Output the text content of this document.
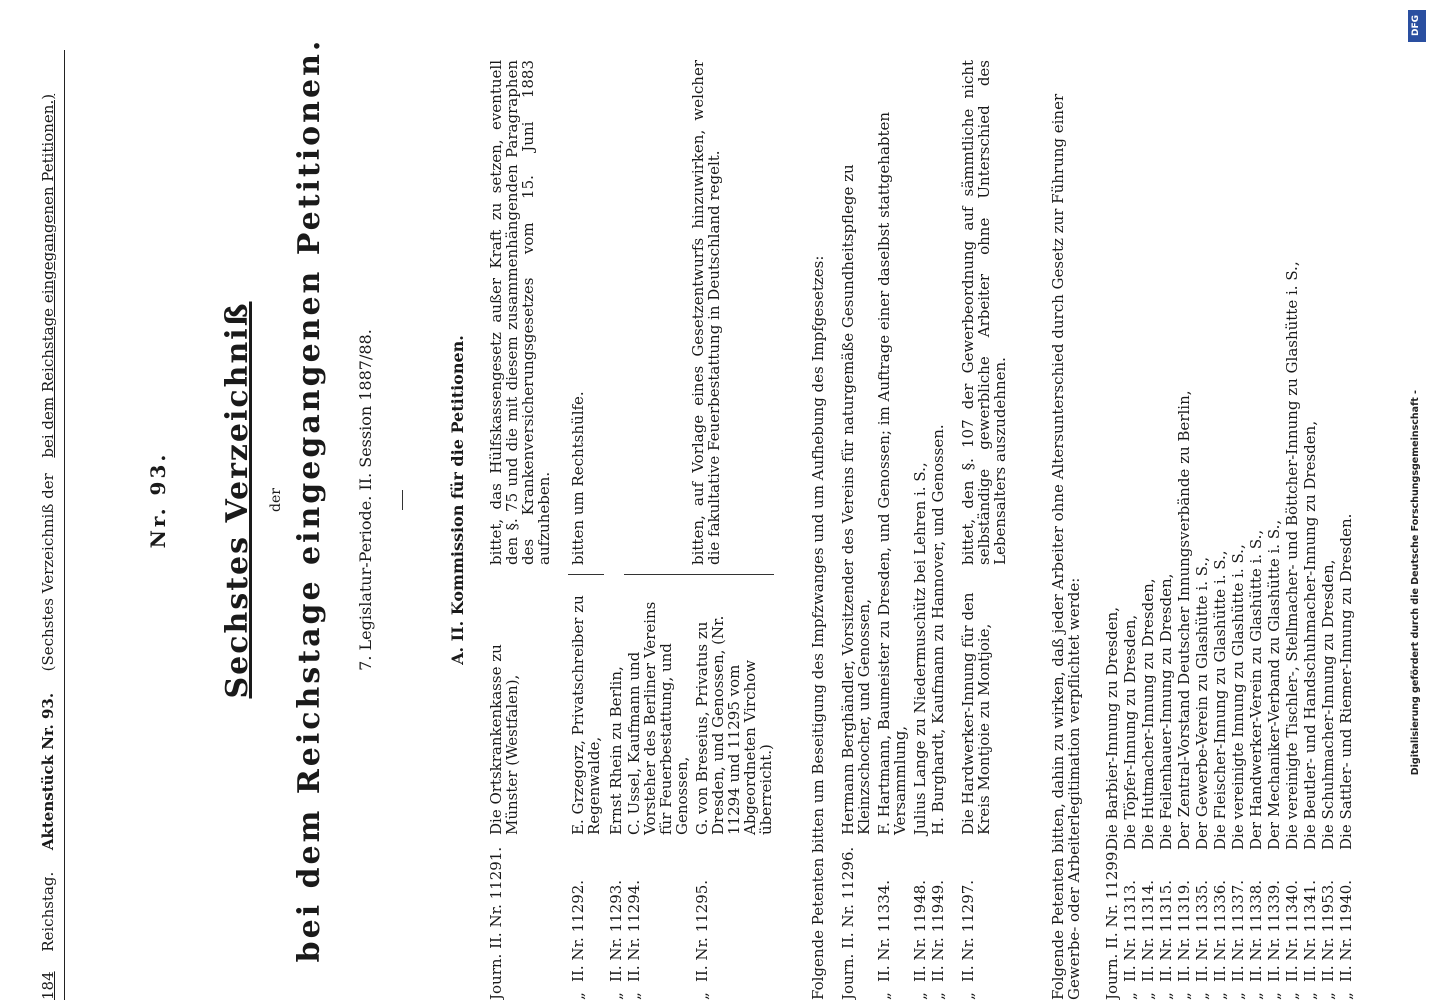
184  Reichstag.  Aktenstück Nr. 93.  (Sechstes Verzeichniß der  bei dem Reichstage eingegangenen Petitionen.)
Nr. 93. Sechstes Verzeichniß der bei dem Reichstage eingegangenen Petitionen. 7. Legislatur-Periode. II. Session 1887/88.	A. II. Kommission für die Petitionen.
Journ. II. Nr. 11291.
Die Ortskrankenkasse zu Münster (Westfalen),
bittet, das Hülfskassengesetz außer Kraft zu setzen, eventuell den §. 75 und die mit diesem zusammenhängenden Paragraphen des Krankenversicherungsgesetzes vom 15. Juni 1883 aufzuheben.
„II. Nr. 11292.
E. Grzegorz, Privatschreiber zu Regenwalde,
bitten um Rechtshülfe.
„II. Nr. 11293.
Ernst Rhein zu Berlin,
„II. Nr. 11294.
C. Ussel, Kaufmann und Vorsteher des Berliner Vereins für Feuerbestattung, und Genossen,
bitten, auf Vorlage eines Gesetzentwurfs hinzuwirken, welcher die fakultative Feuerbestattung in Deutschland regelt.
„II. Nr. 11295.
G. von Breseius, Privatus zu Dresden, und Genossen, (Nr. 11294 und 11295 vom Abgeordneten Virchow überreicht.) Folgende Petenten bitten um Beseitigung des Impfzwanges und um Aufhebung des Impfgesetzes: Journ. II. Nr. 11296.
Hermann Berghändler, Vorsitzender des Vereins für naturgemäße Gesundheitspflege zu Kleinzschocher, und Genossen,
„II. Nr. 11334.
F. Hartmann, Baumeister zu Dresden, und Genossen; im Auftrage einer daselbst stattgehabten Versammlung,
„II. Nr. 11948.
Julius Lange zu Niedermuschütz bei Lehren i. S.,
„II. Nr. 11949.
H. Burghardt, Kaufmann zu Hannover, und Genossen.
„II. Nr. 11297.
Die Hardwerker-Innung für den Kreis Montjoie zu Montjoie,
bittet, den §. 107 der Gewerbeordnung auf sämmtliche nicht selbständige gewerbliche Arbeiter ohne Unterschied des Lebensalters auszudehnen.	Folgende Petenten bitten, dahin zu wirken, daß jeder Arbeiter ohne Altersunterschied durch Gesetz zur Führung einer Gewerbe- oder Arbeiterlegitimation verpflichtet werde: Journ. II. Nr. 11299.
Die Barbier-Innung zu Dresden,
„II. Nr. 11313.
Die Töpfer-Innung zu Dresden,
„II. Nr. 11314.
Die Hutmacher-Innung zu Dresden,
„II. Nr. 11315.
Die Feilenhauer-Innung zu Dresden,
„II. Nr. 11319.
Der Zentral-Vorstand Deutscher Innungsverbände zu Berlin,
„II. Nr. 11335.
Der Gewerbe-Verein zu Glashütte i. S.,
„II. Nr. 11336.
Die Fleischer-Innung zu Glashütte i. S.,
„II. Nr. 11337.
Die vereinigte Innung zu Glashütte i. S.,
„II. Nr. 11338.
Der Handwerker-Verein zu Glashütte i. S.,
„II. Nr. 11339.
Der Mechaniker-Verband zu Glashütte i. S.,
„II. Nr. 11340.
Die vereinigte Tischler-, Stellmacher- und Böttcher-Innung zu Glashütte i. S.,
„II. Nr. 11341.
Die Beutler- und Handschuhmacher-Innung zu Dresden,
„II. Nr. 11953.
Die Schuhmacher-Innung zu Dresden,
„II. Nr. 11940.
Die Sattler- und Riemer-Innung zu Dresden.
DFG
Digitalisierung gefördert durch die Deutsche Forschungsgemeinschaft -
